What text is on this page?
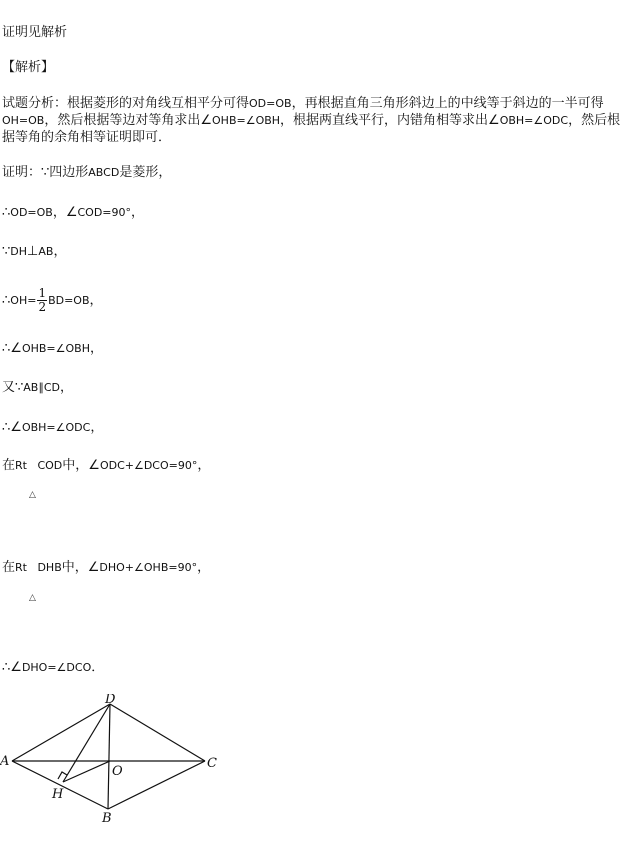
证明见解析
【解析】
试题分析：根据菱形的对角线互相平分可得OD=OB，再根据直角三角形斜边上的中线等于斜边的一半可得OH=OB，然后根据等边对等角求出∠OHB=∠OBH，根据两直线平行，内错角相等求出∠OBH=∠ODC，然后根据等角的余角相等证明即可．
证明：∵四边形ABCD是菱形，
∴OD=OB，∠COD=90°，
∵DH⊥AB，
∴OH= $\frac{1}{2} BD=OB$，
∴∠OHB=∠OBH，
又∵AB∥CD，
∴∠OBH=∠ODC，
在Rt   COD中，∠ODC+∠DCO=90°，
△
在Rt   DHB中，∠DHO+∠OHB=90°，
△
∴∠DHO=∠DCO．
A
D
C
B
O
H
